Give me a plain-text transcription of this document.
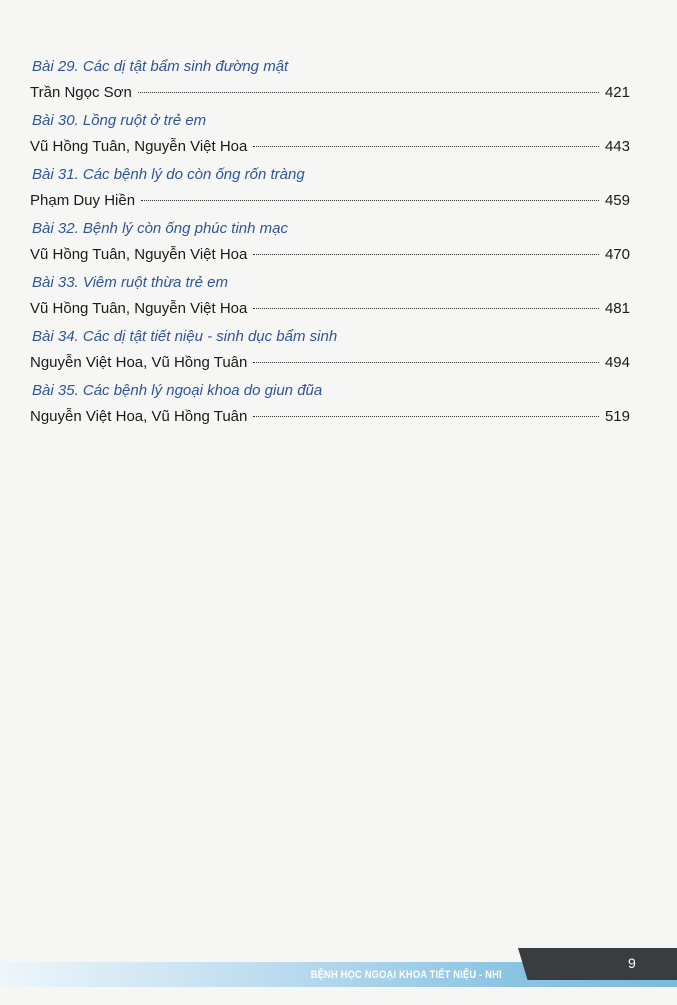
Bài 29. Các dị tật bẩm sinh đường mật
Trần Ngọc Sơn	421
Bài 30. Lồng ruột ở trẻ em
Vũ Hồng Tuân, Nguyễn Việt Hoa	443
Bài 31. Các bệnh lý do còn ống rốn tràng
Phạm Duy Hiền	459
Bài 32. Bệnh lý còn ống phúc tinh mạc
Vũ Hồng Tuân, Nguyễn Việt Hoa	470
Bài 33. Viêm ruột thừa trẻ em
Vũ Hồng Tuân, Nguyễn Việt Hoa	481
Bài 34. Các dị tật tiết niệu - sinh dục bẩm sinh
Nguyễn Việt Hoa, Vũ Hồng Tuân	494
Bài 35. Các bệnh lý ngoại khoa do giun đũa
Nguyễn Việt Hoa, Vũ Hồng Tuân	519
BỆNH HỌC NGOẠI KHOA TIẾT NIỆU - NHI
9
